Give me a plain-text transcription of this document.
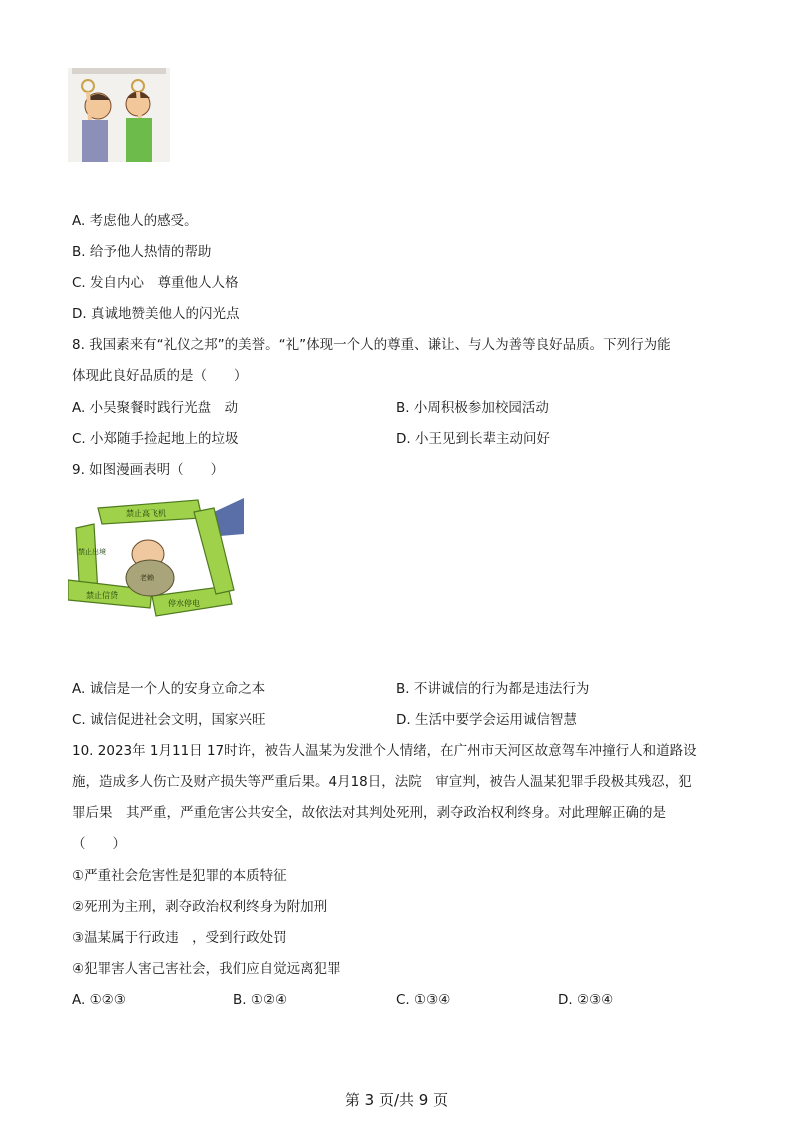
A. 考虑他人的感受。
B. 给予他人热情的帮助
C. 发自内心　尊重他人人格
D. 真诚地赞美他人的闪光点
8. 我国素来有“礼仪之邦”的美誉。“礼”体现一个人的尊重、谦让、与人为善等良好品质。下列行为能
体现此良好品质的是（　　）
A. 小吴聚餐时践行光盘　动	B. 小周积极参加校园活动
C. 小郑随手捡起地上的垃圾	D. 小王见到长辈主动问好
9. 如图漫画表明（　　）
禁止高飞机
禁止出境
禁止信贷
停水停电
老赖
A. 诚信是一个人的安身立命之本	B. 不讲诚信的行为都是违法行为
C. 诚信促进社会文明，国家兴旺	D. 生活中要学会运用诚信智慧
10. 2023年 1月11日 17时许，被告人温某为发泄个人情绪，在广州市天河区故意驾车冲撞行人和道路设
施，造成多人伤亡及财产损失等严重后果。4月18日，法院　审宣判，被告人温某犯罪手段极其残忍，犯
罪后果　其严重，严重危害公共安全，故依法对其判处死刑，剥夺政治权利终身。对此理解正确的是
（　　）
①严重社会危害性是犯罪的本质特征
②死刑为主刑，剥夺政治权利终身为附加刑
③温某属于行政违　，受到行政处罚
④犯罪害人害己害社会，我们应自觉远离犯罪
A. ①②③	B. ①②④	C. ①③④	D. ②③④
第 3 页/共 9 页
